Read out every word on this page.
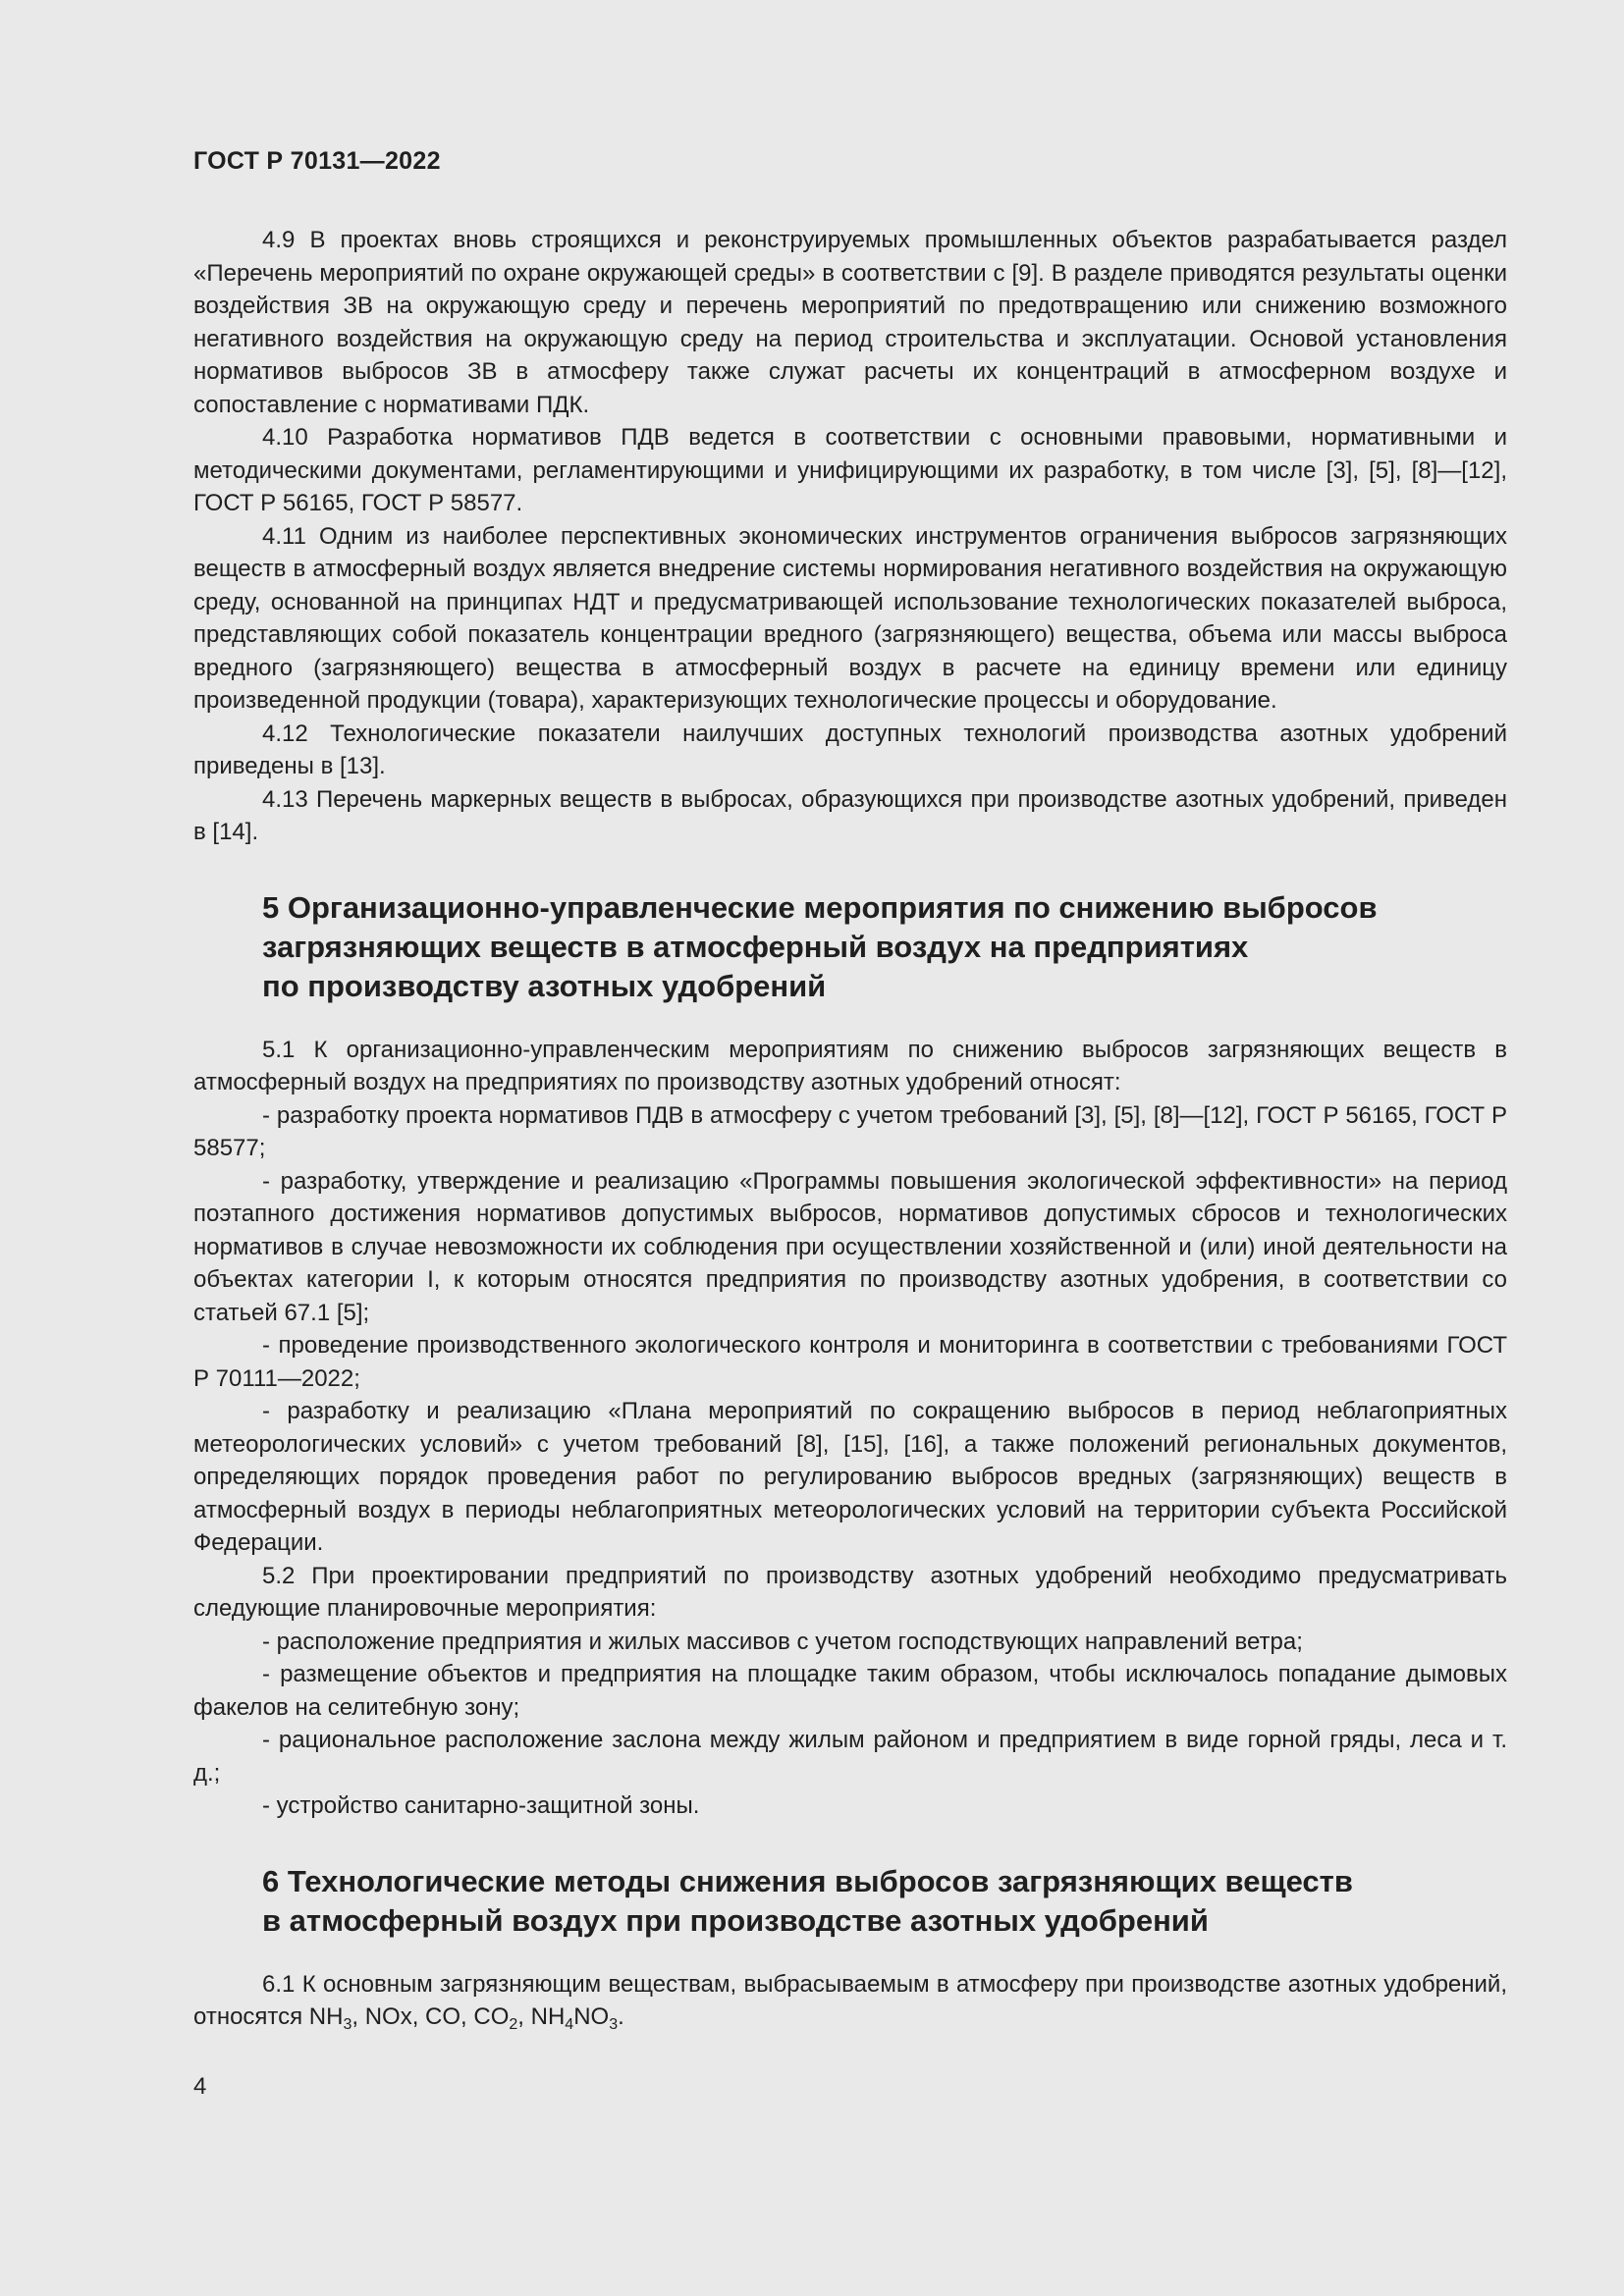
ГОСТ Р 70131—2022

4.9 В проектах вновь строящихся и реконструируемых промышленных объектов разрабатывается раздел «Перечень мероприятий по охране окружающей среды» в соответствии с [9]. В разделе приводятся результаты оценки воздействия ЗВ на окружающую среду и перечень мероприятий по предотвращению или снижению возможного негативного воздействия на окружающую среду на период строительства и эксплуатации. Основой установления нормативов выбросов ЗВ в атмосферу также служат расчеты их концентраций в атмосферном воздухе и сопоставление с нормативами ПДК.

4.10 Разработка нормативов ПДВ ведется в соответствии с основными правовыми, нормативными и методическими документами, регламентирующими и унифицирующими их разработку, в том числе [3], [5], [8]—[12], ГОСТ Р 56165, ГОСТ Р 58577.

4.11 Одним из наиболее перспективных экономических инструментов ограничения выбросов загрязняющих веществ в атмосферный воздух является внедрение системы нормирования негативного воздействия на окружающую среду, основанной на принципах НДТ и предусматривающей использование технологических показателей выброса, представляющих собой показатель концентрации вредного (загрязняющего) вещества, объема или массы выброса вредного (загрязняющего) вещества в атмосферный воздух в расчете на единицу времени или единицу произведенной продукции (товара), характеризующих технологические процессы и оборудование.

4.12 Технологические показатели наилучших доступных технологий производства азотных удобрений приведены в [13].

4.13 Перечень маркерных веществ в выбросах, образующихся при производстве азотных удобрений, приведен в [14].

5 Организационно-управленческие мероприятия по снижению выбросов
загрязняющих веществ в атмосферный воздух на предприятиях
по производству азотных удобрений

5.1 К организационно-управленческим мероприятиям по снижению выбросов загрязняющих веществ в атмосферный воздух на предприятиях по производству азотных удобрений относят:

- разработку проекта нормативов ПДВ в атмосферу с учетом требований [3], [5], [8]—[12], ГОСТ Р 56165, ГОСТ Р 58577;

- разработку, утверждение и реализацию «Программы повышения экологической эффективности» на период поэтапного достижения нормативов допустимых выбросов, нормативов допустимых сбросов и технологических нормативов в случае невозможности их соблюдения при осуществлении хозяйственной и (или) иной деятельности на объектах категории I, к которым относятся предприятия по производству азотных удобрения, в соответствии со статьей 67.1 [5];

- проведение производственного экологического контроля и мониторинга в соответствии с требованиями ГОСТ Р 70111—2022;

- разработку и реализацию «Плана мероприятий по сокращению выбросов в период неблагоприятных метеорологических условий» с учетом требований [8], [15], [16], а также положений региональных документов, определяющих порядок проведения работ по регулированию выбросов вредных (загрязняющих) веществ в атмосферный воздух в периоды неблагоприятных метеорологических условий на территории субъекта Российской Федерации.

5.2 При проектировании предприятий по производству азотных удобрений необходимо предусматривать следующие планировочные мероприятия:

- расположение предприятия и жилых массивов с учетом господствующих направлений ветра;

- размещение объектов и предприятия на площадке таким образом, чтобы исключалось попадание дымовых факелов на селитебную зону;

- рациональное расположение заслона между жилым районом и предприятием в виде горной гряды, леса и т. д.;

- устройство санитарно-защитной зоны.

6 Технологические методы снижения выбросов загрязняющих веществ
в атмосферный воздух при производстве азотных удобрений

6.1 К основным загрязняющим веществам, выбрасываемым в атмосферу при производстве азотных удобрений, относятся $NH_3$, NOx, CO, $CO_2$, $NH_4NO_3$.

4
